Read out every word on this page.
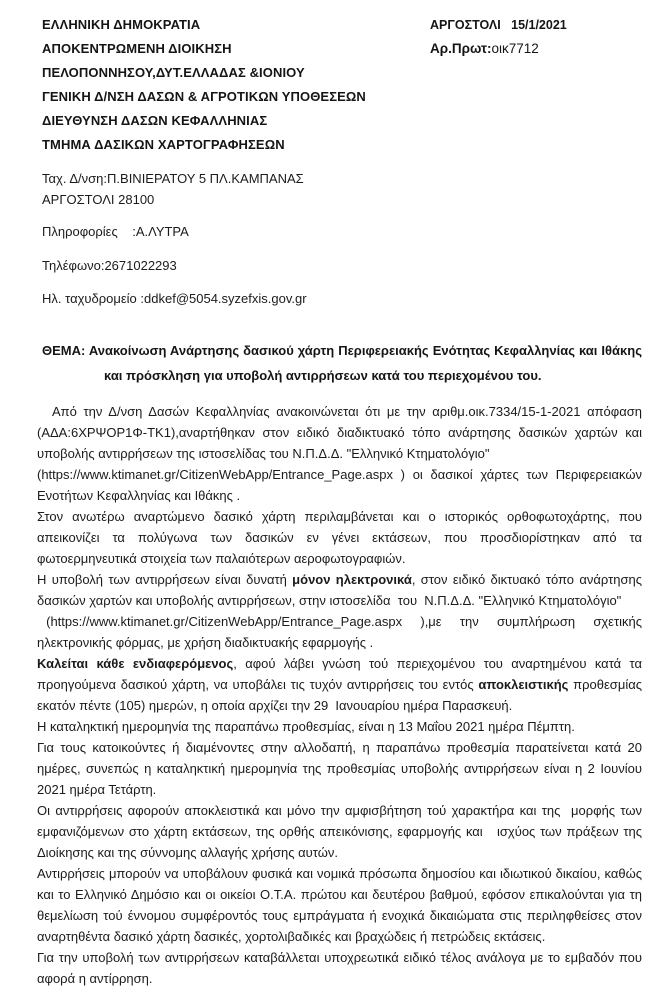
ΕΛΛΗΝΙΚΗ ΔΗΜΟΚΡΑΤΙΑ
ΑΠΟΚΕΝΤΡΩΜΕΝΗ ΔΙΟΙΚΗΣΗ
ΠΕΛΟΠΟΝΝΗΣΟΥ,ΔΥΤ.ΕΛΛΑΔΑΣ &ΙΟΝΙΟΥ
ΓΕΝΙΚΗ Δ/ΝΣΗ ΔΑΣΩΝ & ΑΓΡΟΤΙΚΩΝ ΥΠΟΘΕΣΕΩΝ
ΔΙΕΥΘΥΝΣΗ ΔΑΣΩΝ ΚΕΦΑΛΛΗΝΙΑΣ
ΤΜΗΜΑ ΔΑΣΙΚΩΝ ΧΑΡΤΟΓΡΑΦΗΣΕΩΝ
ΑΡΓΟΣΤΟΛΙ   15/1/2021
Αρ.Πρωτ:οικ7712
Ταχ. Δ/νση:Π.ΒΙΝΙΕΡΑΤΟΥ 5 ΠΛ.ΚΑΜΠΑΝΑΣ
ΑΡΓΟΣΤΟΛΙ 28100
Πληροφορίες    :Α.ΛΥΤΡΑ
Τηλέφωνο:2671022293
Ηλ. ταχυδρομείο :ddkef@5054.syzefxis.gov.gr

ΘΕΜΑ: Ανακοίνωση Ανάρτησης δασικού χάρτη Περιφερειακής Ενότητας Κεφαλληνίας και Ιθάκης και πρόσκληση για υποβολή αντιρρήσεων κατά του περιεχομένου του.

Από την Δ/νση Δασών Κεφαλληνίας ανακοινώνεται ότι με την αριθμ.οικ.7334/15-1-2021 απόφαση (ΑΔΑ:6ΧΡΨΟΡ1Φ-ΤΚ1),αναρτήθηκαν στον ειδικό διαδικτυακό τόπο ανάρτησης δασικών χαρτών και υποβολής αντιρρήσεων της ιστοσελίδας του Ν.Π.Δ.Δ. "Ελληνικό Κτηματολόγιο"
(https://www.ktimanet.gr/CitizenWebApp/Entrance_Page.aspx ) οι δασικοί χάρτες των Περιφερειακών Ενοτήτων Κεφαλληνίας και Ιθάκης .

Στον ανωτέρω αναρτώμενο δασικό χάρτη περιλαμβάνεται και ο ιστορικός ορθοφωτοχάρτης, που απεικονίζει τα πολύγωνα των δασικών εν γένει εκτάσεων, που προσδιορίστηκαν από τα φωτοερμηνευτικά στοιχεία των παλαιότερων αεροφωτογραφιών.

Η υποβολή των αντιρρήσεων είναι δυνατή μόνον ηλεκτρονικά, στον ειδικό δικτυακό τόπο ανάρτησης δασικών χαρτών και υποβολής αντιρρήσεων, στην ιστοσελίδα  του  Ν.Π.Δ.Δ. "Ελληνικό Κτηματολόγιο"
(https://www.ktimanet.gr/CitizenWebApp/Entrance_Page.aspx  ),με  την  συμπλήρωση  σχετικής ηλεκτρονικής φόρμας, με χρήση διαδικτυακής εφαρμογής .

Καλείται κάθε ενδιαφερόμενος, αφού λάβει γνώση τού περιεχομένου του αναρτημένου κατά τα προηγούμενα δασικού χάρτη, να υποβάλει τις τυχόν αντιρρήσεις του εντός αποκλειστικής προθεσμίας εκατόν πέντε (105) ημερών, η οποία αρχίζει την 29  Ιανουαρίου ημέρα Παρασκευή.

Η καταληκτική ημερομηνία της παραπάνω προθεσμίας, είναι η 13 Μαΐου 2021 ημέρα Πέμπτη.

Για τους κατοικούντες ή διαμένοντες στην αλλοδαπή, η παραπάνω προθεσμία παρατείνεται κατά 20 ημέρες, συνεπώς η καταληκτική ημερομηνία της προθεσμίας υποβολής αντιρρήσεων είναι η 2 Ιουνίου 2021 ημέρα Τετάρτη.

Οι αντιρρήσεις αφορούν αποκλειστικά και μόνο την αμφισβήτηση τού χαρακτήρα και της  μορφής των εμφανιζόμενων στο χάρτη εκτάσεων, της ορθής απεικόνισης, εφαρμογής και   ισχύος των πράξεων της Διοίκησης και της σύννομης αλλαγής χρήσης αυτών.

Αντιρρήσεις μπορούν να υποβάλουν φυσικά και νομικά πρόσωπα δημοσίου και ιδιωτικού δικαίου, καθώς και το Ελληνικό Δημόσιο και οι οικείοι Ο.Τ.Α. πρώτου και δευτέρου βαθμού, εφόσον επικαλούνται για τη θεμελίωση τού έννομου συμφέροντός τους εμπράγματα ή ενοχικά δικαιώματα στις περιληφθείσες στον αναρτηθέντα δασικό χάρτη δασικές, χορτολιβαδικές και βραχώδεις ή πετρώδεις εκτάσεις.

Για την υποβολή των αντιρρήσεων καταβάλλεται υποχρεωτικά ειδικό τέλος ανάλογα με το εμβαδόν που αφορά η αντίρρηση.
